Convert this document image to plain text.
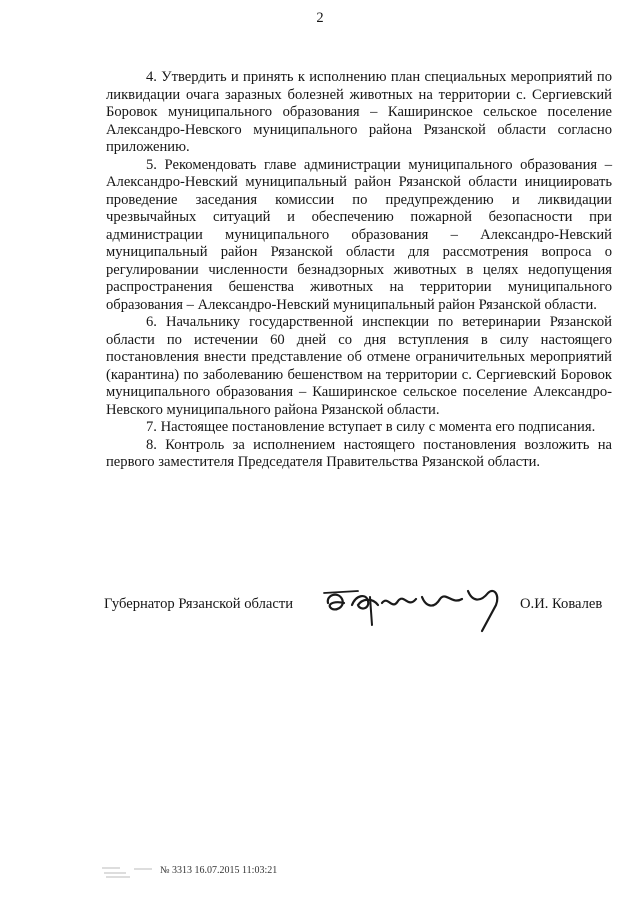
2

4. Утвердить и принять к исполнению план специальных мероприятий по ликвидации очага заразных болезней животных на территории с. Сергиевский Боровок муниципального образования – Каширинское сельское поселение Александро-Невского муниципального района Рязанской области согласно приложению.

5. Рекомендовать главе администрации муниципального образования – Александро-Невский муниципальный район Рязанской области инициировать проведение заседания комиссии по предупреждению и ликвидации чрезвычайных ситуаций и обеспечению пожарной безопасности при администрации муниципального образования – Александро-Невский муниципальный район Рязанской области для рассмотрения вопроса о регулировании численности безнадзорных животных в целях недопущения распространения бешенства животных на территории муниципального образования – Александро-Невский муниципальный район Рязанской области.

6. Начальнику государственной инспекции по ветеринарии Рязанской области по истечении 60 дней со дня вступления в силу настоящего постановления внести представление об отмене ограничительных мероприятий (карантина) по заболеванию бешенством на территории с. Сергиевский Боровок муниципального образования – Каширинское сельское поселение Александро-Невского муниципального района Рязанской области.

7. Настоящее постановление вступает в силу с момента его подписания.

8. Контроль за исполнением настоящего постановления возложить на первого заместителя Председателя Правительства Рязанской области.

Губернатор Рязанской области	О.И. Ковалев
№ 3313 16.07.2015 11:03:21
